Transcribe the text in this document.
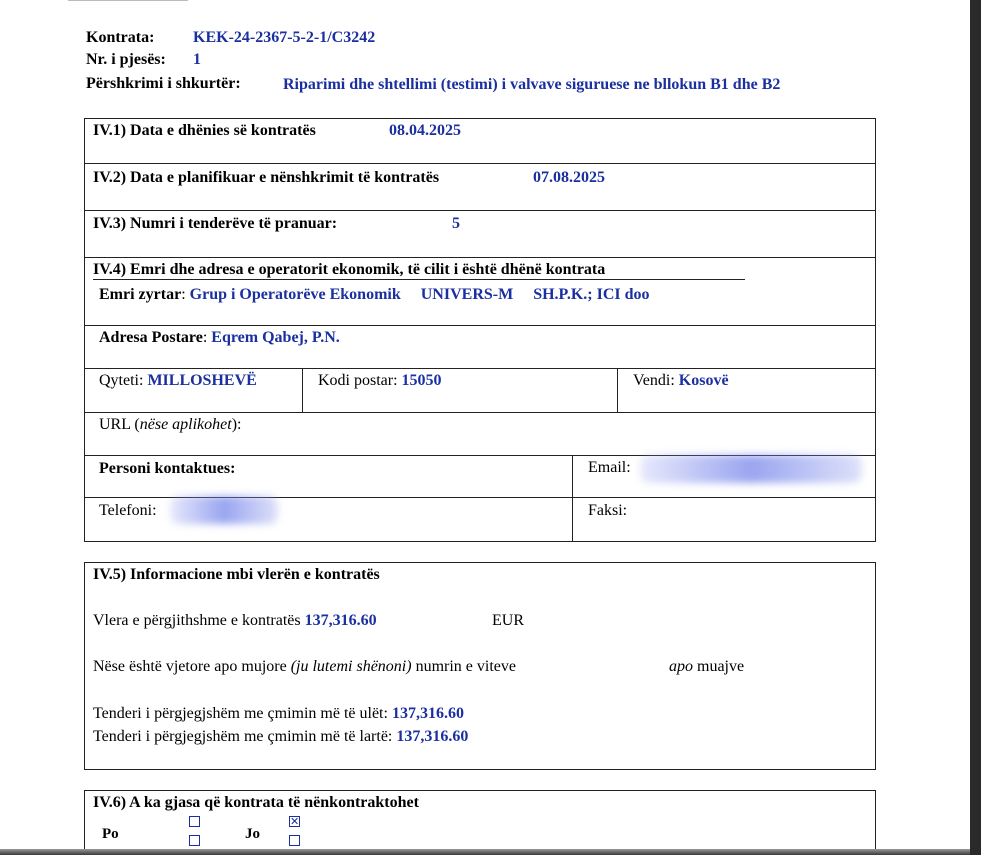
Kontrata: KEK-24-2367-5-2-1/C3242
Nr. i pjesës: 1
Përshkrimi i shkurtër:	Riparimi dhe shtellimi (testimi) i valvave siguruese ne bllokun B1 dhe B2
IV.1) Data e dhënies së kontratës	08.04.2025
IV.2) Data e planifikuar e nënshkrimit të kontratës	07.08.2025
IV.3) Numri i tenderëve të pranuar:	5
IV.4) Emri dhe adresa e operatorit ekonomik, të cilit i është dhënë kontrata
Emri zyrtar: Grup i Operatorëve Ekonomik     UNIVERS-M     SH.P.K.; ICI doo
Adresa Postare: Eqrem Qabej, P.N.
Qyteti: MILLOSHEVË	Kodi postar: 15050	Vendi: Kosovë
URL (nëse aplikohet):
Personi kontaktues:	Email:
Telefoni:	Faksi:
IV.5) Informacione mbi vlerën e kontratës
Vlera e përgjithshme e kontratës 137,316.60	EUR
Nëse është vjetore apo mujore (ju lutemi shënoni) numrin e viteve	apo muajve
Tenderi i përgjegjshëm me çmimin më të ulët: 137,316.60
Tenderi i përgjegjshëm me çmimin më të lartë: 137,316.60
IV.6) A ka gjasa që kontrata të nënkontraktohet
Po	Jo
✕
